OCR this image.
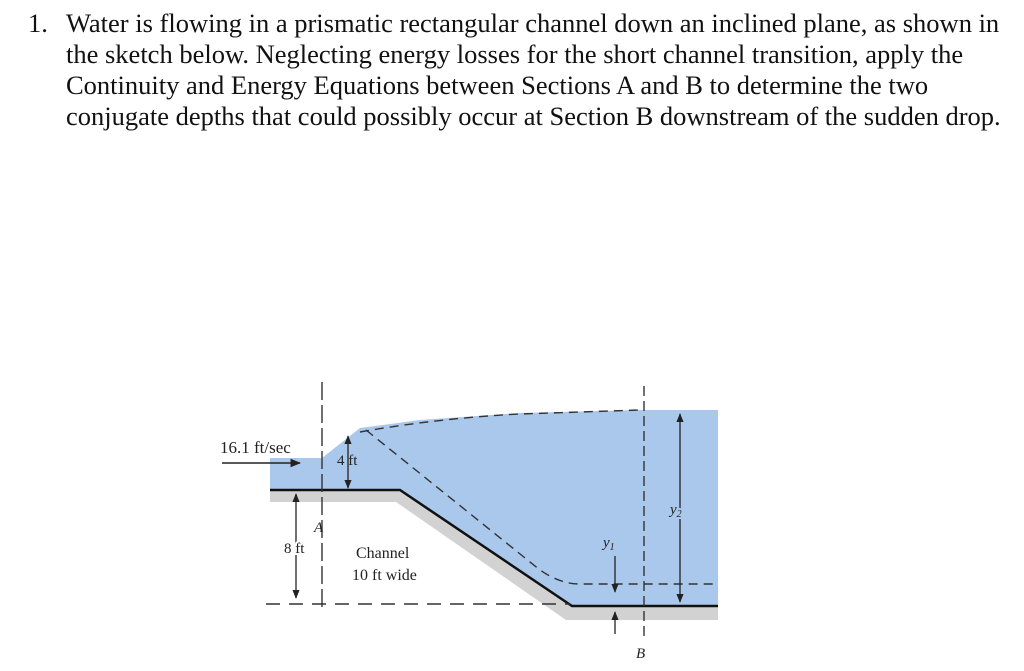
1. Water is flowing in a prismatic rectangular channel down an inclined plane, as shown in the sketch below. Neglecting energy losses for the short channel transition, apply the Continuity and Energy Equations between Sections A and B to determine the two conjugate depths that could possibly occur at Section B downstream of the sudden drop.
16.1 ft/sec
4 ft
8 ft
A
B
Channel
10 ft wide
$y_1$
$y_2$
